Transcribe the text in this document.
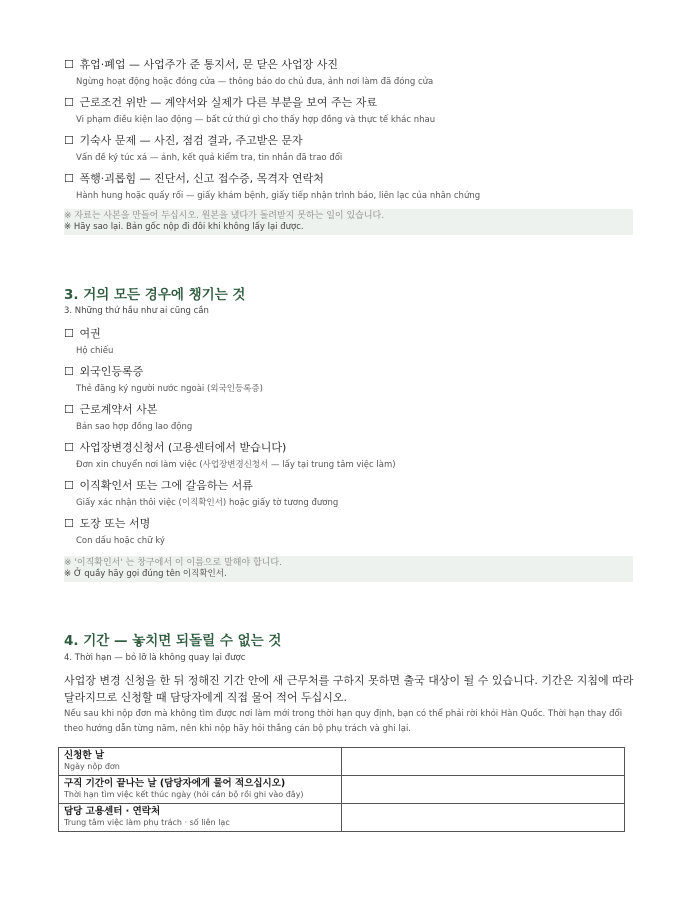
☐ 휴업·폐업 — 사업주가 준 통지서, 문 닫은 사업장 사진
Ngừng hoạt động hoặc đóng cửa — thông báo do chủ đưa, ảnh nơi làm đã đóng cửa
☐ 근로조건 위반 — 계약서와 실제가 다른 부분을 보여 주는 자료
Vi phạm điều kiện lao động — bất cứ thứ gì cho thấy hợp đồng và thực tế khác nhau
☐ 기숙사 문제 — 사진, 점검 결과, 주고받은 문자
Vấn đề ký túc xá — ảnh, kết quả kiểm tra, tin nhắn đã trao đổi
☐ 폭행·괴롭힘 — 진단서, 신고 접수증, 목격자 연락처
Hành hung hoặc quấy rối — giấy khám bệnh, giấy tiếp nhận trình báo, liên lạc của nhân chứng
※ 자료는 사본을 만들어 두십시오. 원본을 냈다가 돌려받지 못하는 일이 있습니다.
※ Hãy sao lại. Bản gốc nộp đi đôi khi không lấy lại được.
3. 거의 모든 경우에 챙기는 것
3. Những thứ hầu như ai cũng cần
☐ 여권
Hộ chiếu
☐ 외국인등록증
Thẻ đăng ký người nước ngoài (외국인등록증)
☐ 근로계약서 사본
Bản sao hợp đồng lao động
☐ 사업장변경신청서 (고용센터에서 받습니다)
Đơn xin chuyển nơi làm việc (사업장변경신청서 — lấy tại trung tâm việc làm)
☐ 이직확인서 또는 그에 갈음하는 서류
Giấy xác nhận thôi việc (이직확인서) hoặc giấy tờ tương đương
☐ 도장 또는 서명
Con dấu hoặc chữ ký
※ '이직확인서' 는 창구에서 이 이름으로 말해야 합니다.
※ Ở quầy hãy gọi đúng tên 이직확인서.
4. 기간 — 놓치면 되돌릴 수 없는 것
4. Thời hạn — bỏ lỡ là không quay lại được
사업장 변경 신청을 한 뒤 정해진 기간 안에 새 근무처를 구하지 못하면 출국 대상이 될 수 있습니다. 기간은 지침에 따라 달라지므로 신청할 때 담당자에게 직접 물어 적어 두십시오.
Nếu sau khi nộp đơn mà không tìm được nơi làm mới trong thời hạn quy định, bạn có thể phải rời khỏi Hàn Quốc. Thời hạn thay đổi theo hướng dẫn từng năm, nên khi nộp hãy hỏi thẳng cán bộ phụ trách và ghi lại.
신청한 날
Ngày nộp đơn	

구직 기간이 끝나는 날 (담당자에게 물어 적으십시오)
Thời hạn tìm việc kết thúc ngày (hỏi cán bộ rồi ghi vào đây)	

담당 고용센터 · 연락처
Trung tâm việc làm phụ trách · số liên lạc	
